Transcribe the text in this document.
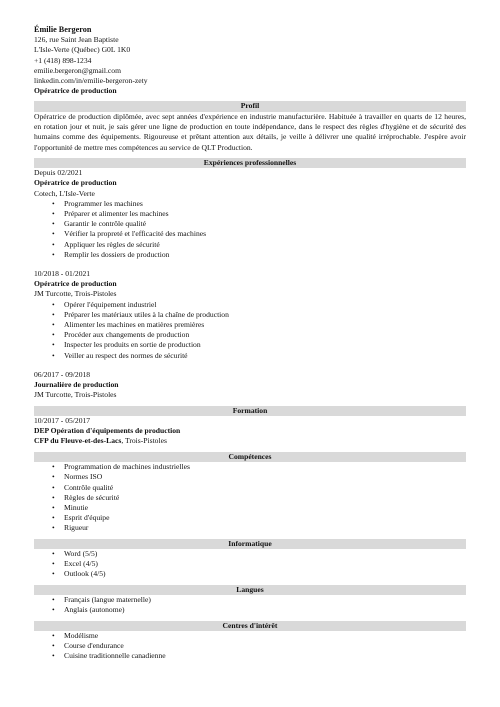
Émilie Bergeron
126, rue Saint Jean Baptiste
L'Isle-Verte (Québec) G0L 1K0
+1 (418) 898-1234
emilie.bergeron@gmail.com
linkedin.com/in/emilie-bergeron-zety
Opératrice de production
Profil
Opératrice de production diplômée, avec sept années d'expérience en industrie manufacturière. Habituée à travailler en quarts de 12 heures, en rotation jour et nuit, je sais gérer une ligne de production en toute indépendance, dans le respect des règles d'hygiène et de sécurité des humains comme des équipements. Rigoureuse et prêtant attention aux détails, je veille à délivrer une qualité irréprochable. J'espère avoir l'opportunité de mettre mes compétences au service de QLT Production.
Expériences professionnelles
Depuis 02/2021
Opératrice de production
Cotech, L'Isle-Verte
• Programmer les machines
• Préparer et alimenter les machines
• Garantir le contrôle qualité
• Vérifier la propreté et l'efficacité des machines
• Appliquer les règles de sécurité
• Remplir les dossiers de production
10/2018 - 01/2021
Opératrice de production
JM Turcotte, Trois-Pistoles
• Opérer l'équipement industriel
• Préparer les matériaux utiles à la chaîne de production
• Alimenter les machines en matières premières
• Procéder aux changements de production
• Inspecter les produits en sortie de production
• Veiller au respect des normes de sécurité
06/2017 - 09/2018
Journalière de production
JM Turcotte, Trois-Pistoles
Formation
10/2017 - 05/2017
DEP Opération d'équipements de production
CFP du Fleuve-et-des-Lacs, Trois-Pistoles
Compétences
• Programmation de machines industrielles
• Normes ISO
• Contrôle qualité
• Règles de sécurité
• Minutie
• Esprit d'équipe
• Rigueur
Informatique
• Word (5/5)
• Excel (4/5)
• Outlook (4/5)
Langues
• Français (langue maternelle)
• Anglais (autonome)
Centres d'intérêt
• Modélisme
• Course d'endurance
• Cuisine traditionnelle canadienne
